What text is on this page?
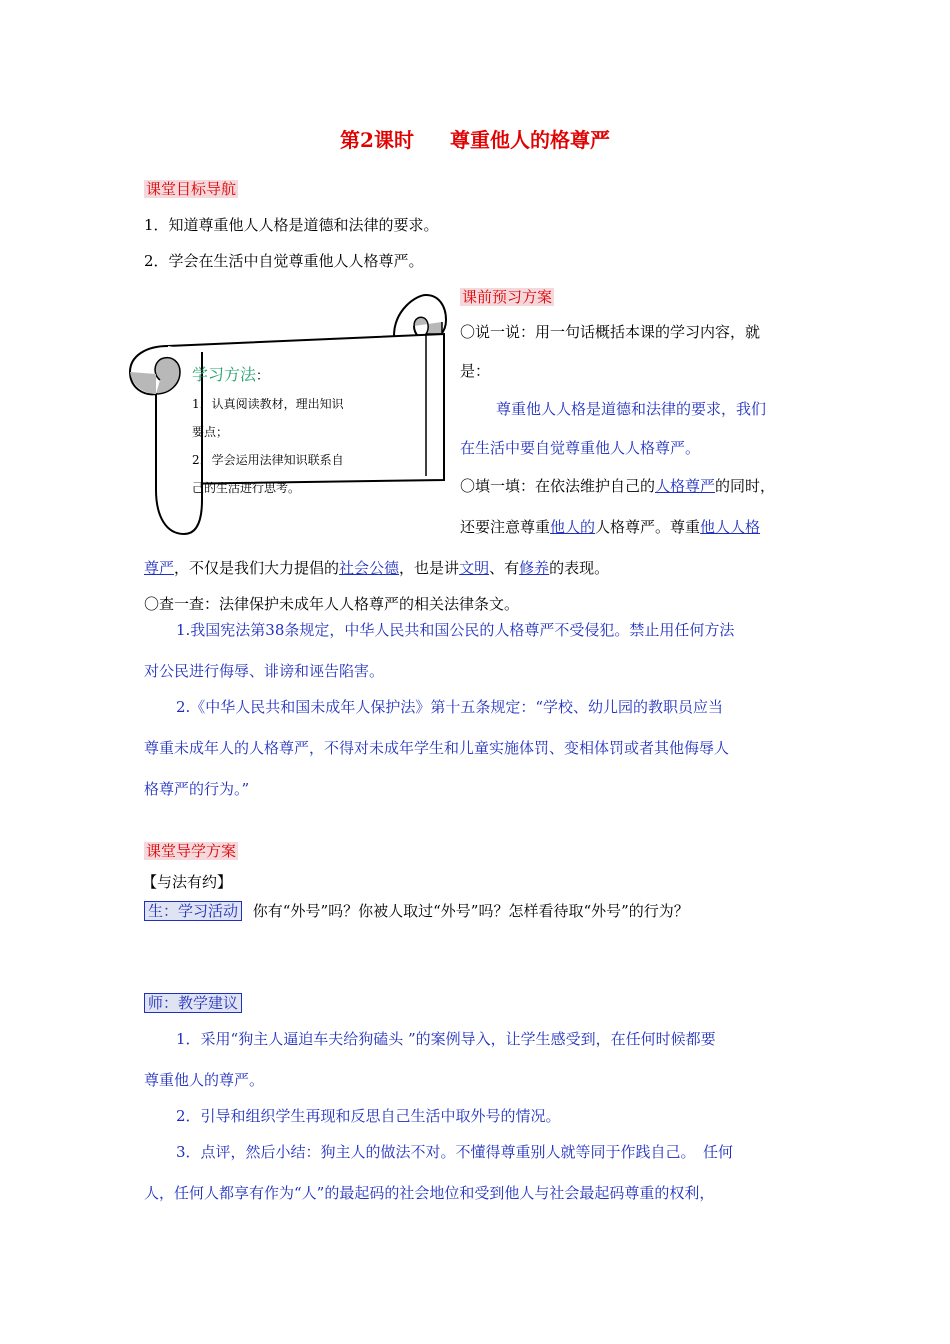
第2课时 尊重他人的格尊严
课堂目标导航
1．知道尊重他人人格是道德和法律的要求。
2．学会在生活中自觉尊重他人人格尊严。
学习方法：
1．认真阅读教材，理出知识
要点；
2．学会运用法律知识联系自
己的生活进行思考。
课前预习方案
〇说一说：用一句话概括本课的学习内容，就
是：
尊重他人人格是道德和法律的要求，我们
在生活中要自觉尊重他人人格尊严。
〇填一填：在依法维护自己的人格尊严的同时，
还要注意尊重他人的人格尊严。尊重他人人格
尊严，不仅是我们大力提倡的社会公德，也是讲文明、有修养的表现。
〇查一查：法律保护未成年人人格尊严的相关法律条文。
1.我国宪法第38条规定，中华人民共和国公民的人格尊严不受侵犯。禁止用任何方法
对公民进行侮辱、诽谤和诬告陷害。
2.《中华人民共和国未成年人保护法》第十五条规定：“学校、幼儿园的教职员应当
尊重未成年人的人格尊严，不得对未成年学生和儿童实施体罚、变相体罚或者其他侮辱人
格尊严的行为。”
课堂导学方案
【与法有约】
生：学习活动 你有“外号”吗？你被人取过“外号”吗？怎样看待取“外号”的行为？
师：教学建议
1．采用“狗主人逼迫车夫给狗磕头 ”的案例导入，让学生感受到，在任何时候都要
尊重他人的尊严。
2．引导和组织学生再现和反思自己生活中取外号的情况。
3．点评，然后小结：狗主人的做法不对。不懂得尊重别人就等同于作践自己。　任何
人，任何人都享有作为“人”的最起码的社会地位和受到他人与社会最起码尊重的权利，
